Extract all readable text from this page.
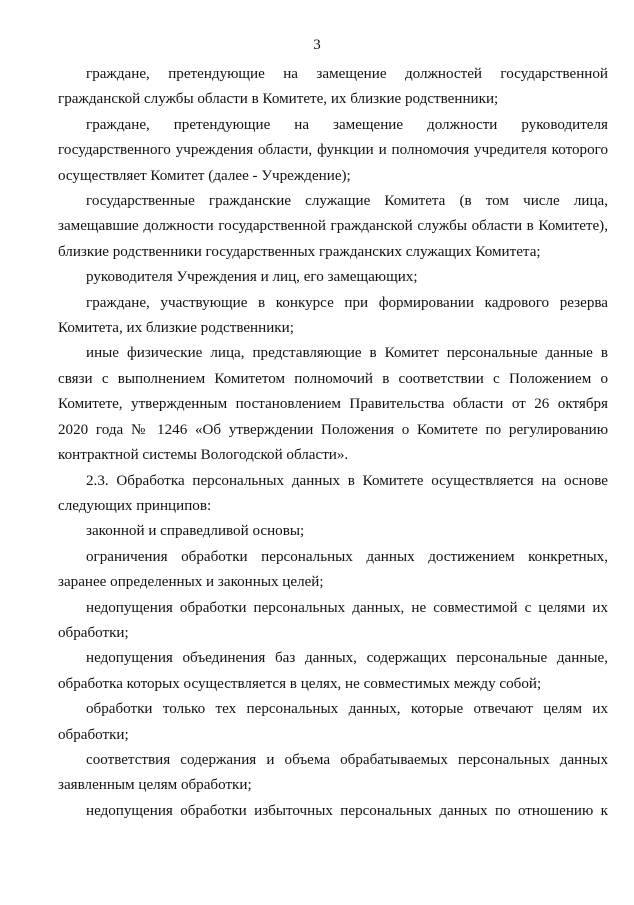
3

граждане, претендующие на замещение должностей государственной гражданской службы области в Комитете, их близкие родственники;

граждане, претендующие на замещение должности руководителя государственного учреждения области, функции и полномочия учредителя которого осуществляет Комитет (далее - Учреждение);

государственные гражданские служащие Комитета (в том числе лица, замещавшие должности государственной гражданской службы области в Комитете), близкие родственники государственных гражданских служащих Комитета;

руководителя Учреждения и лиц, его замещающих;

граждане, участвующие в конкурсе при формировании кадрового резерва Комитета, их близкие родственники;

иные физические лица, представляющие в Комитет персональные данные в связи с выполнением Комитетом полномочий в соответствии с Положением о Комитете, утвержденным постановлением Правительства области от 26 октября 2020 года № 1246 «Об утверждении Положения о Комитете по регулированию контрактной системы Вологодской области».

2.3. Обработка персональных данных в Комитете осуществляется на основе следующих принципов:

законной и справедливой основы;

ограничения обработки персональных данных достижением конкретных, заранее определенных и законных целей;

недопущения обработки персональных данных, не совместимой с целями их обработки;

недопущения объединения баз данных, содержащих персональные данные, обработка которых осуществляется в целях, не совместимых между собой;

обработки только тех персональных данных, которые отвечают целям их обработки;

соответствия содержания и объема обрабатываемых персональных данных заявленным целям обработки;

недопущения обработки избыточных персональных данных по отношению к
